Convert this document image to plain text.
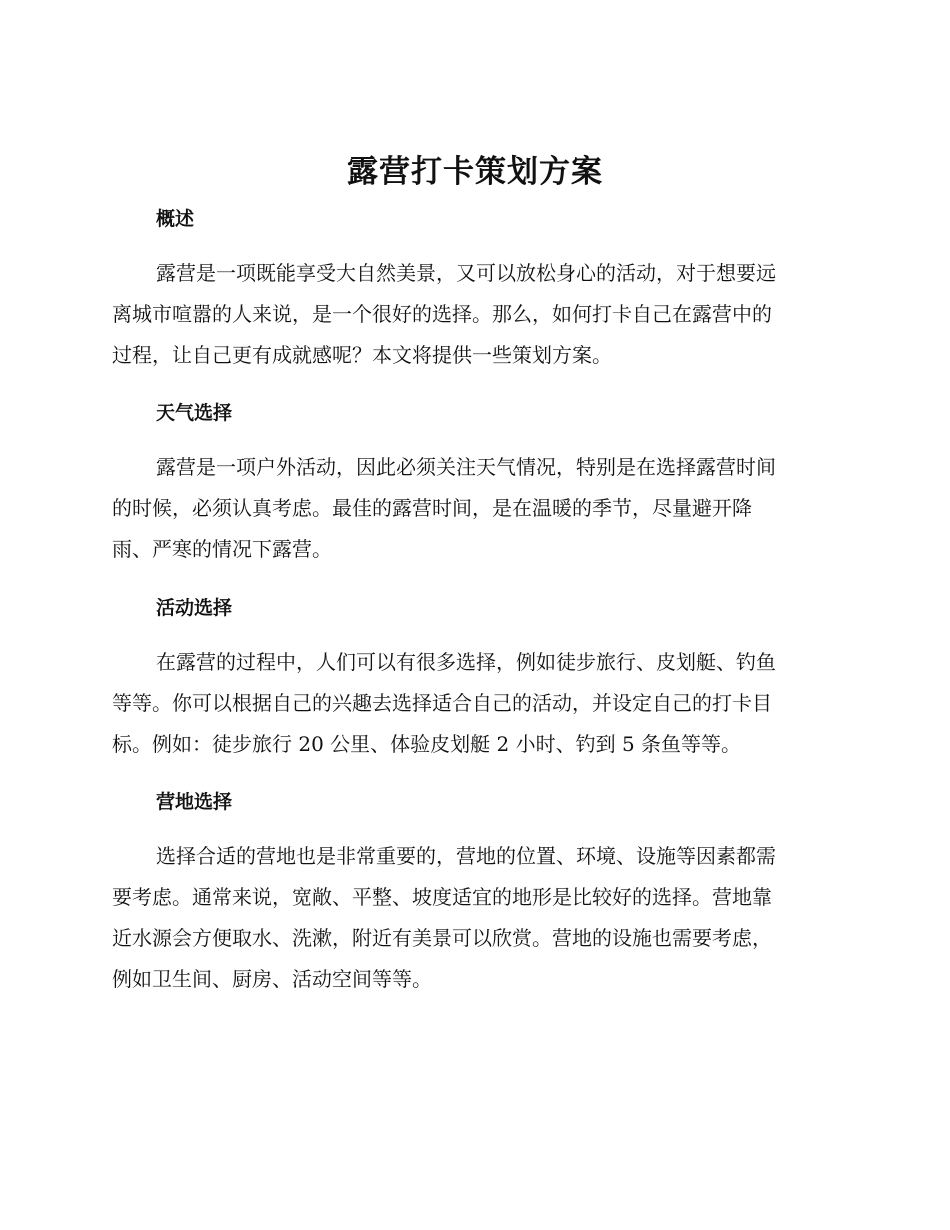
露营打卡策划方案
概述
露营是一项既能享受大自然美景，又可以放松身心的活动，对于想要远
离城市喧嚣的人来说，是一个很好的选择。那么，如何打卡自己在露营中的
过程，让自己更有成就感呢？本文将提供一些策划方案。
天气选择
露营是一项户外活动，因此必须关注天气情况，特别是在选择露营时间
的时候，必须认真考虑。最佳的露营时间，是在温暖的季节，尽量避开降
雨、严寒的情况下露营。
活动选择
在露营的过程中，人们可以有很多选择，例如徒步旅行、皮划艇、钓鱼
等等。你可以根据自己的兴趣去选择适合自己的活动，并设定自己的打卡目
标。例如：徒步旅行 20 公里、体验皮划艇 2 小时、钓到 5 条鱼等等。
营地选择
选择合适的营地也是非常重要的，营地的位置、环境、设施等因素都需
要考虑。通常来说，宽敞、平整、坡度适宜的地形是比较好的选择。营地靠
近水源会方便取水、洗漱，附近有美景可以欣赏。营地的设施也需要考虑，
例如卫生间、厨房、活动空间等等。
